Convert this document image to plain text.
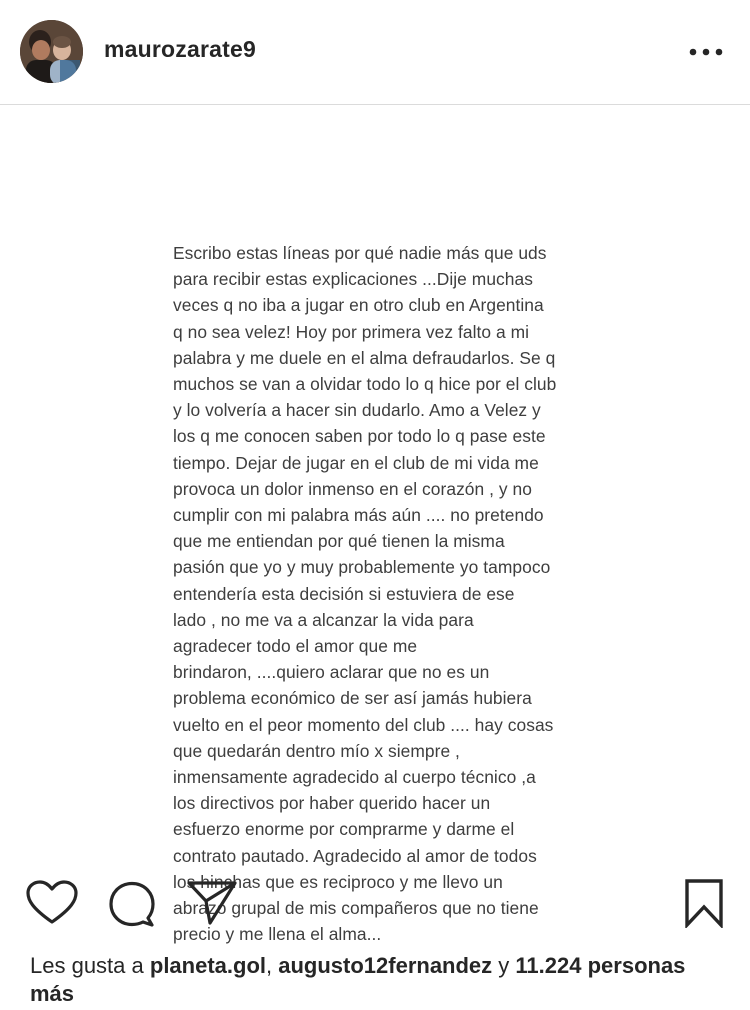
maurozarate9
Escribo estas líneas por qué nadie más que uds
para recibir estas explicaciones ...Dije muchas
veces q no iba a jugar en otro club en Argentina
q no sea velez! Hoy por primera vez falto a mi
palabra y me duele en el alma defraudarlos. Se q
muchos se van a olvidar todo lo q hice por el club
y lo volvería a hacer sin dudarlo. Amo a Velez y
los q me conocen saben por todo lo q pase este
tiempo. Dejar de jugar en el club de mi vida me
provoca un dolor inmenso en el corazón , y no
cumplir con mi palabra más aún .... no pretendo
que me entiendan por qué tienen la misma
pasión que yo y muy probablemente yo tampoco
entendería esta decisión si estuviera de ese
lado , no me va a alcanzar la vida para
agradecer todo el amor que me
brindaron, ....quiero aclarar que no es un
problema económico de ser así jamás hubiera
vuelto en el peor momento del club .... hay cosas
que quedarán dentro mío x siempre ,
inmensamente agradecido al cuerpo técnico ,a
los directivos por haber querido hacer un
esfuerzo enorme por comprarme y darme el
contrato pautado. Agradecido al amor de todos
los hinchas que es reciproco y me llevo un
abrazo grupal de mis compañeros que no tiene
precio y me llena el alma...
Les gusta a planeta.gol, augusto12fernandez y 11.224 personas más
